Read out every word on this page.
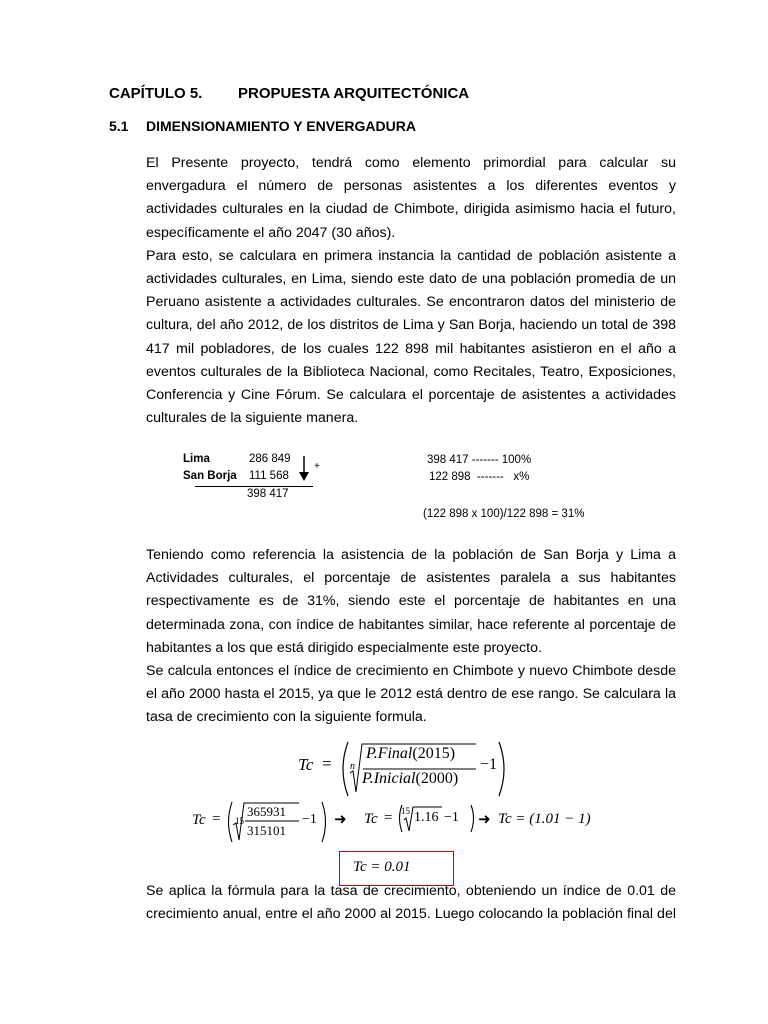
CAPÍTULO 5. PROPUESTA ARQUITECTÓNICA
5.1 DIMENSIONAMIENTO Y ENVERGADURA

El Presente proyecto, tendrá como elemento primordial para calcular su envergadura el número de personas asistentes a los diferentes eventos y actividades culturales en la ciudad de Chimbote, dirigida asimismo hacia el futuro, específicamente el año 2047 (30 años).

Para esto, se calculara en primera instancia la cantidad de población asistente a actividades culturales, en Lima, siendo este dato de una población promedia de un Peruano asistente a actividades culturales. Se encontraron datos del ministerio de cultura, del año 2012, de los distritos de Lima y San Borja, haciendo un total de 398 417 mil pobladores, de los cuales 122 898 mil habitantes asistieron en el año a eventos culturales de la Biblioteca Nacional, como Recitales, Teatro, Exposiciones, Conferencia y Cine Fórum. Se calculara el porcentaje de asistentes a actividades culturales de la siguiente manera.

Lima	286 849
San Borja 111 568
+
398 417
398 417 ------- 100%
122 898  -------   x%
(122 898 x 100)/122 898 = 31%

Teniendo como referencia la asistencia de la población de San Borja y Lima a Actividades culturales, el porcentaje de asistentes paralela a sus habitantes respectivamente es de 31%, siendo este el porcentaje de habitantes en una determinada zona, con índice de habitantes similar, hace referente al porcentaje de habitantes a los que está dirigido especialmente este proyecto.

Se calcula entonces el índice de crecimiento en Chimbote y nuevo Chimbote desde el año 2000 hasta el 2015, ya que le 2012 está dentro de ese rango. Se calculara la tasa de crecimiento con la siguiente formula.

Tc = n
P.Final(2015)
P.Inicial(2000)
−1
Tc = 15
365931
315101
−1 ➜ Tc = 15 1.16 −1 ➜ Tc = (1.01 − 1)
Tc = 0.01

Se aplica la fórmula para la tasa de crecimiento, obteniendo un índice de 0.01 de crecimiento anual, entre el año 2000 al 2015. Luego colocando la población final del
